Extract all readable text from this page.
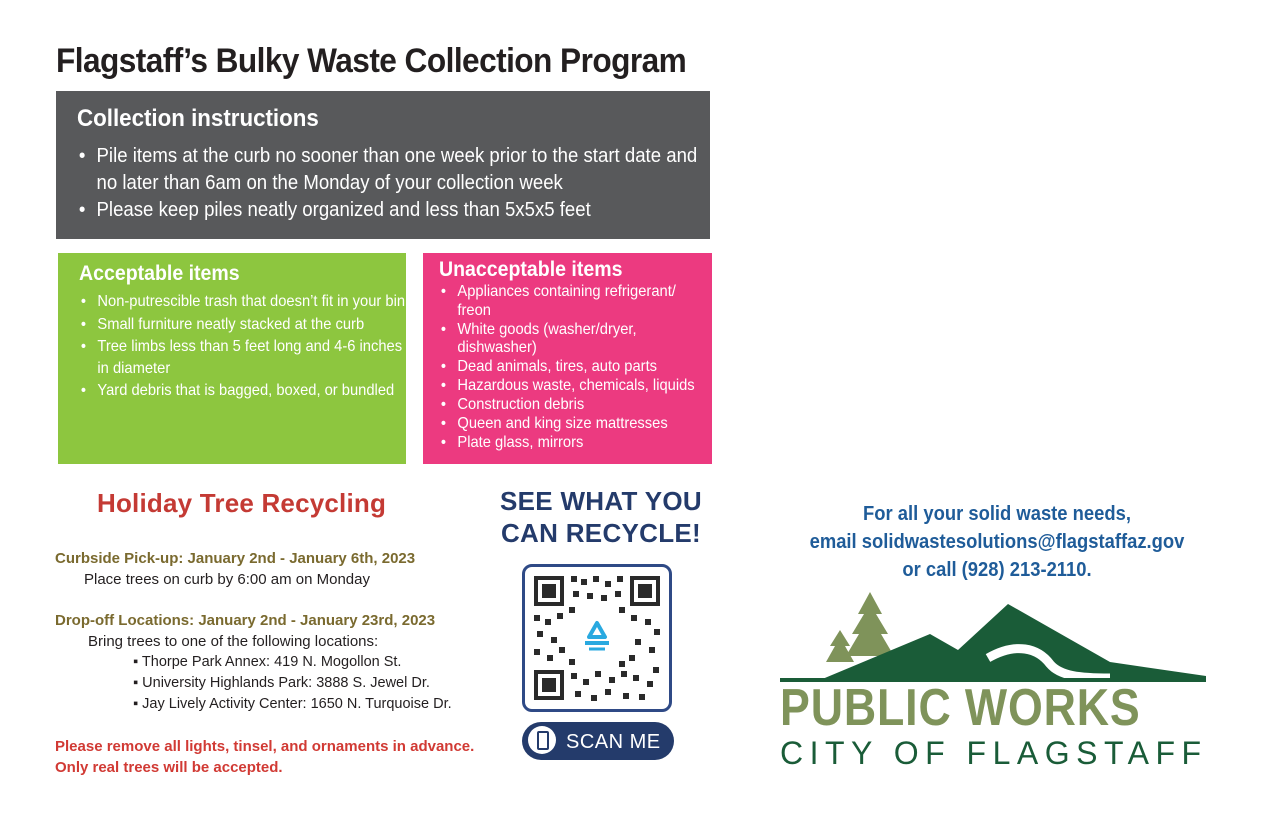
Flagstaff’s Bulky Waste Collection Program
Collection instructions
• Pile items at the curb no sooner than one week prior to the start date and no later than 6am on the Monday of your collection week
• Please keep piles neatly organized and less than 5x5x5 feet
Acceptable items
• Non-putrescible trash that doesn’t fit in your bin
• Small furniture neatly stacked at the curb
• Tree limbs less than 5 feet long and 4-6 inches in diameter
• Yard debris that is bagged, boxed, or bundled
Unacceptable items
• Appliances containing refrigerant/ freon
• White goods (washer/dryer, dishwasher)
• Dead animals, tires, auto parts
• Hazardous waste, chemicals, liquids
• Construction debris
• Queen and king size mattresses
• Plate glass, mirrors
Holiday Tree Recycling
Curbside Pick-up: January 2nd - January 6th, 2023
Place trees on curb by 6:00 am on Monday
Drop-off Locations: January 2nd - January 23rd, 2023
Bring trees to one of the following locations:
▪ Thorpe Park Annex: 419 N. Mogollon St.
▪ University Highlands Park: 3888 S. Jewel Dr.
▪ Jay Lively Activity Center: 1650 N. Turquoise Dr.
Please remove all lights, tinsel, and ornaments in advance. Only real trees will be accepted.
SEE WHAT YOU
CAN RECYCLE!
SCAN ME
For all your solid waste needs,
email solidwastesolutions@flagstaffaz.gov
or call (928) 213-2110.
PUBLIC WORKS
CITY OF FLAGSTAFF
